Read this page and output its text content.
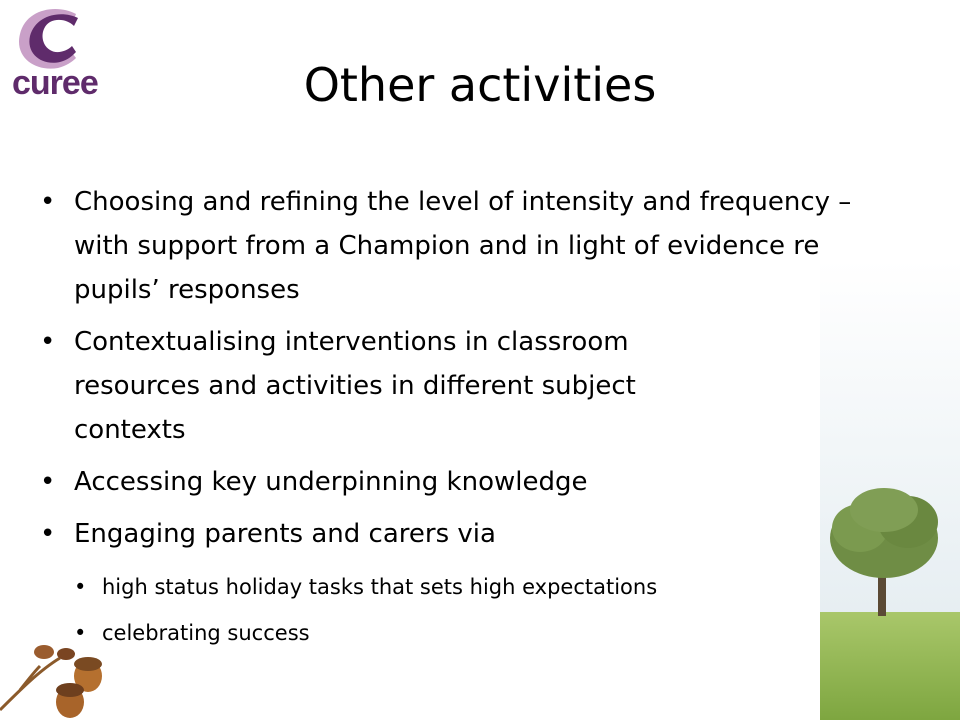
curee	Other activities
• Choosing and refining the level of intensity and frequency – with support from a Champion and in light of evidence re pupils’ responses
• Contextualising interventions in classroom resources and activities in different subject contexts
• Accessing key underpinning knowledge
• Engaging parents and carers via
• high status holiday tasks that sets high expectations
• celebrating success
